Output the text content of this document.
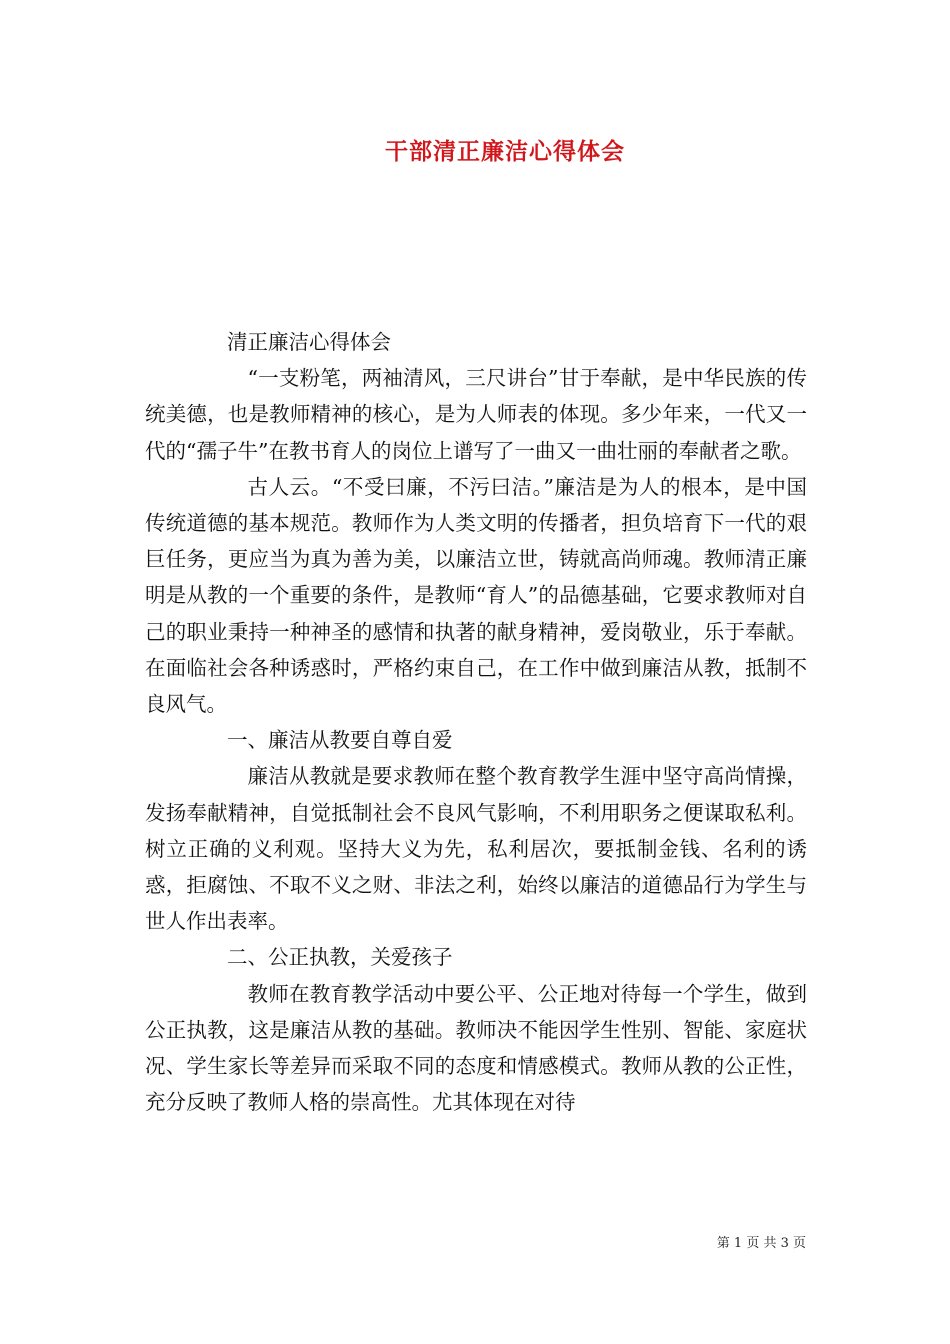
干部清正廉洁心得体会

清正廉洁心得体会

“一支粉笔，两袖清风，三尺讲台”甘于奉献，是中华民族的传统美德，也是教师精神的核心，是为人师表的体现。多少年来，一代又一代的“孺子牛”在教书育人的岗位上谱写了一曲又一曲壮丽的奉献者之歌。

古人云。“不受曰廉，不污曰洁。”廉洁是为人的根本，是中国传统道德的基本规范。教师作为人类文明的传播者，担负培育下一代的艰巨任务，更应当为真为善为美，以廉洁立世，铸就高尚师魂。教师清正廉明是从教的一个重要的条件，是教师“育人”的品德基础，它要求教师对自己的职业秉持一种神圣的感情和执著的献身精神，爱岗敬业，乐于奉献。在面临社会各种诱惑时，严格约束自己，在工作中做到廉洁从教，抵制不良风气。

一、廉洁从教要自尊自爱

廉洁从教就是要求教师在整个教育教学生涯中坚守高尚情操，发扬奉献精神，自觉抵制社会不良风气影响，不利用职务之便谋取私利。树立正确的义利观。坚持大义为先，私利居次，要抵制金钱、名利的诱惑，拒腐蚀、不取不义之财、非法之利，始终以廉洁的道德品行为学生与世人作出表率。

二、公正执教，关爱孩子

教师在教育教学活动中要公平、公正地对待每一个学生，做到公正执教，这是廉洁从教的基础。教师决不能因学生性别、智能、家庭状况、学生家长等差异而采取不同的态度和情感模式。教师从教的公正性，充分反映了教师人格的崇高性。尤其体现在对待

第 1 页 共 3 页
